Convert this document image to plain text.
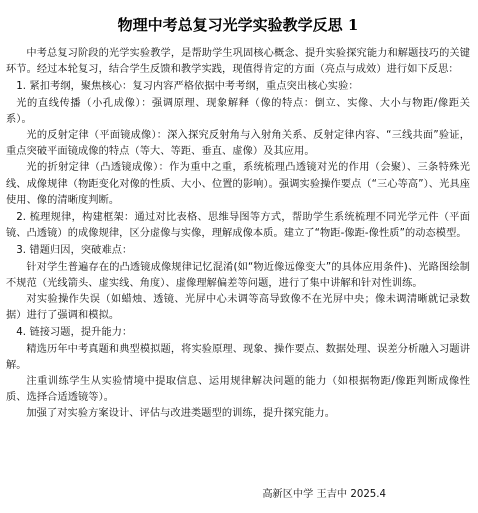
物理中考总复习光学实验教学反思 1

中考总复习阶段的光学实验教学，是帮助学生巩固核心概念、提升实验探究能力和解题技巧的关键环节。经过本轮复习，结合学生反馈和教学实践，现值得肯定的方面（亮点与成效）进行如下反思：

1. 紧扣考纲，聚焦核心：复习内容严格依据中考考纲，重点突出核心实验：

光的直线传播（小孔成像）：强调原理、现象解释（像的特点：倒立、实像、大小与物距/像距关系）。

光的反射定律（平面镜成像）：深入探究反射角与入射角关系、反射定律内容、“三线共面”验证，重点突破平面镜成像的特点（等大、等距、垂直、虚像）及其应用。

光的折射定律（凸透镜成像）：作为重中之重，系统梳理凸透镜对光的作用（会聚）、三条特殊光线、成像规律（物距变化对像的性质、大小、位置的影响）。强调实验操作要点（“三心等高”）、光具座使用、像的清晰度判断。

2. 梳理规律，构建框架：通过对比表格、思维导图等方式，帮助学生系统梳理不同光学元件（平面镜、凸透镜）的成像规律，区分虚像与实像，理解成像本质。建立了“物距-像距-像性质”的动态模型。

3. 错题归因，突破难点：

针对学生普遍存在的凸透镜成像规律记忆混淆(如“物近像远像变大”的具体应用条件)、光路图绘制不规范（光线箭头、虚实线、角度）、虚像理解偏差等问题，进行了集中讲解和针对性训练。

对实验操作失误（如蜡烛、透镜、光屏中心未调等高导致像不在光屏中央；像未调清晰就记录数据）进行了强调和模拟。

4. 链接习题，提升能力：

精选历年中考真题和典型模拟题，将实验原理、现象、操作要点、数据处理、误差分析融入习题讲解。

注重训练学生从实验情境中提取信息、运用规律解决问题的能力（如根据物距/像距判断成像性质、选择合适透镜等）。

加强了对实验方案设计、评估与改进类题型的训练，提升探究能力。

高新区中学 王吉中 2025.4
